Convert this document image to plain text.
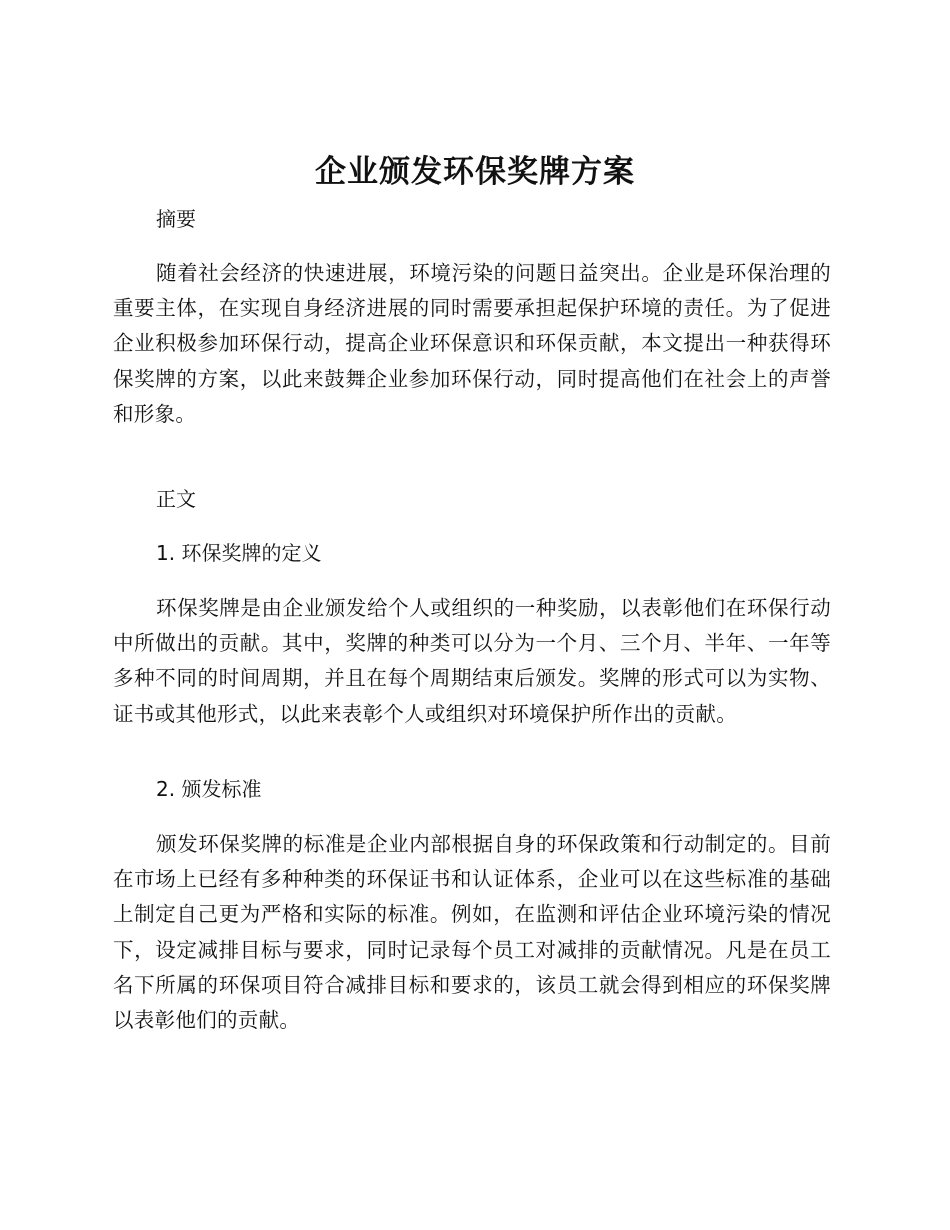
企业颁发环保奖牌方案
摘要

随着社会经济的快速进展，环境污染的问题日益突出。企业是环保治理的重要主体，在实现自身经济进展的同时需要承担起保护环境的责任。为了促进企业积极参加环保行动，提高企业环保意识和环保贡献，本文提出一种获得环保奖牌的方案，以此来鼓舞企业参加环保行动，同时提高他们在社会上的声誉和形象。

正文
1. 环保奖牌的定义

环保奖牌是由企业颁发给个人或组织的一种奖励，以表彰他们在环保行动中所做出的贡献。其中，奖牌的种类可以分为一个月、三个月、半年、一年等多种不同的时间周期，并且在每个周期结束后颁发。奖牌的形式可以为实物、证书或其他形式，以此来表彰个人或组织对环境保护所作出的贡献。

2. 颁发标准

颁发环保奖牌的标准是企业内部根据自身的环保政策和行动制定的。目前在市场上已经有多种种类的环保证书和认证体系，企业可以在这些标准的基础上制定自己更为严格和实际的标准。例如，在监测和评估企业环境污染的情况下，设定减排目标与要求，同时记录每个员工对减排的贡献情况。凡是在员工名下所属的环保项目符合减排目标和要求的，该员工就会得到相应的环保奖牌以表彰他们的贡献。
